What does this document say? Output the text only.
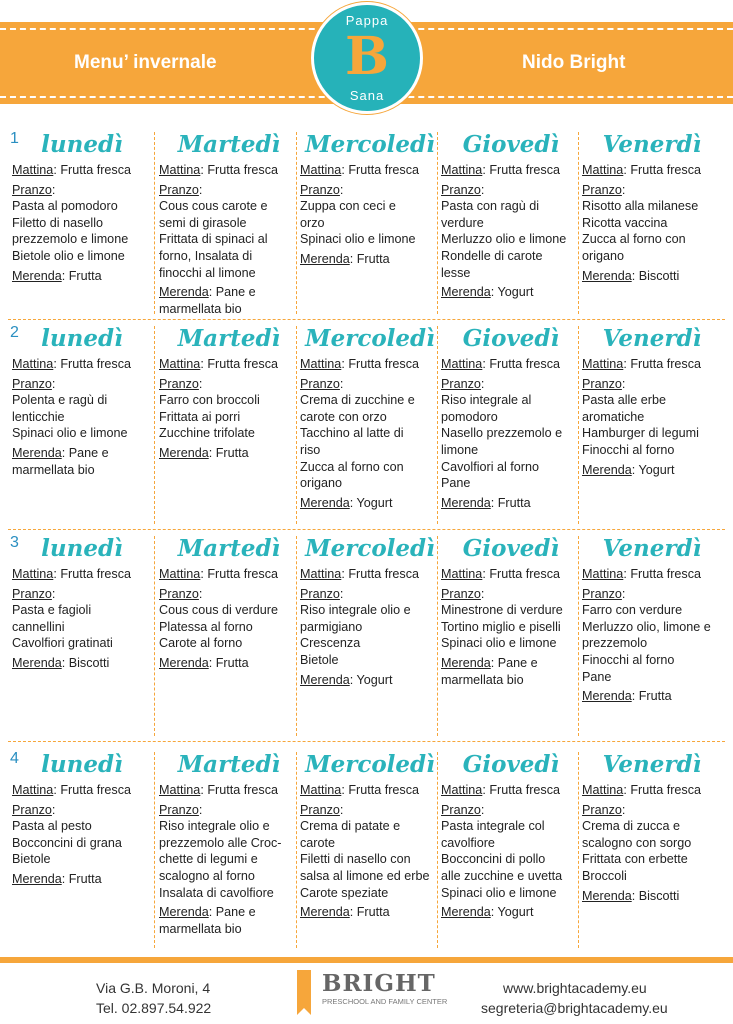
Menu’ invernale	Nido Bright
Pappa
B
Sana
1 lunedì
Mattina: Frutta fresca
Pranzo:
Pasta al pomodoro
Filetto di nasello
prezzemolo e limone
Bietole olio e limone
Merenda: Frutta
Martedì
Mattina: Frutta fresca
Pranzo:
Cous cous carote e
semi di girasole
Frittata di spinaci al
forno, Insalata di
finocchi al limone
Merenda: Pane e
marmellata bio
Mercoledì
Mattina: Frutta fresca
Pranzo:
Zuppa con ceci e
orzo
Spinaci olio e limone
Merenda: Frutta
Giovedì
Mattina: Frutta fresca
Pranzo:
Pasta con ragù di
verdure
Merluzzo olio e limone
Rondelle di carote
lesse
Merenda: Yogurt
Venerdì
Mattina: Frutta fresca
Pranzo:
Risotto alla milanese
Ricotta vaccina
Zucca al forno con
origano
Merenda: Biscotti
2 lunedì
Mattina: Frutta fresca
Pranzo:
Polenta e ragù di
lenticchie
Spinaci olio e limone
Merenda: Pane e
marmellata bio
Martedì
Mattina: Frutta fresca
Pranzo:
Farro con broccoli
Frittata ai porri
Zucchine trifolate
Merenda: Frutta
Mercoledì
Mattina: Frutta fresca
Pranzo:
Crema di zucchine e
carote con orzo
Tacchino al latte di
riso
Zucca al forno con
origano
Merenda: Yogurt
Giovedì
Mattina: Frutta fresca
Pranzo:
Riso integrale al
pomodoro
Nasello prezzemolo e
limone
Cavolfiori al forno
Pane
Merenda: Frutta
Venerdì
Mattina: Frutta fresca
Pranzo:
Pasta alle erbe
aromatiche
Hamburger di legumi
Finocchi al forno
Merenda: Yogurt
3 lunedì
Mattina: Frutta fresca
Pranzo:
Pasta e fagioli
cannellini
Cavolfiori gratinati
Merenda: Biscotti
Martedì
Mattina: Frutta fresca
Pranzo:
Cous cous di verdure
Platessa al forno
Carote al forno
Merenda: Frutta
Mercoledì
Mattina: Frutta fresca
Pranzo:
Riso integrale olio e
parmigiano
Crescenza
Bietole
Merenda: Yogurt
Giovedì
Mattina: Frutta fresca
Pranzo:
Minestrone di verdure
Tortino miglio e piselli
Spinaci olio e limone
Merenda: Pane e
marmellata bio
Venerdì
Mattina: Frutta fresca
Pranzo:
Farro con verdure
Merluzzo olio, limone e
prezzemolo
Finocchi al forno
Pane
Merenda: Frutta
4 lunedì
Mattina: Frutta fresca
Pranzo:
Pasta al pesto
Bocconcini di grana
Bietole
Merenda: Frutta
Martedì
Mattina: Frutta fresca
Pranzo:
Riso integrale olio e
prezzemolo alle Croc-
chette di legumi e
scalogno al forno
Insalata di cavolfiore
Merenda: Pane e
marmellata bio
Mercoledì
Mattina: Frutta fresca
Pranzo:
Crema di patate e
carote
Filetti di nasello con
salsa al limone ed erbe
Carote speziate
Merenda: Frutta
Giovedì
Mattina: Frutta fresca
Pranzo:
Pasta integrale col
cavolfiore
Bocconcini di pollo
alle zucchine e uvetta
Spinaci olio e limone
Merenda: Yogurt
Venerdì
Mattina: Frutta fresca
Pranzo:
Crema di zucca e
scalogno con sorgo
Frittata con erbette
Broccoli
Merenda: Biscotti
Via G.B. Moroni, 4
Tel. 02.897.54.922
BRIGHT
PRESCHOOL AND FAMILY CENTER
www.brightacademy.eu
segreteria@brightacademy.eu
